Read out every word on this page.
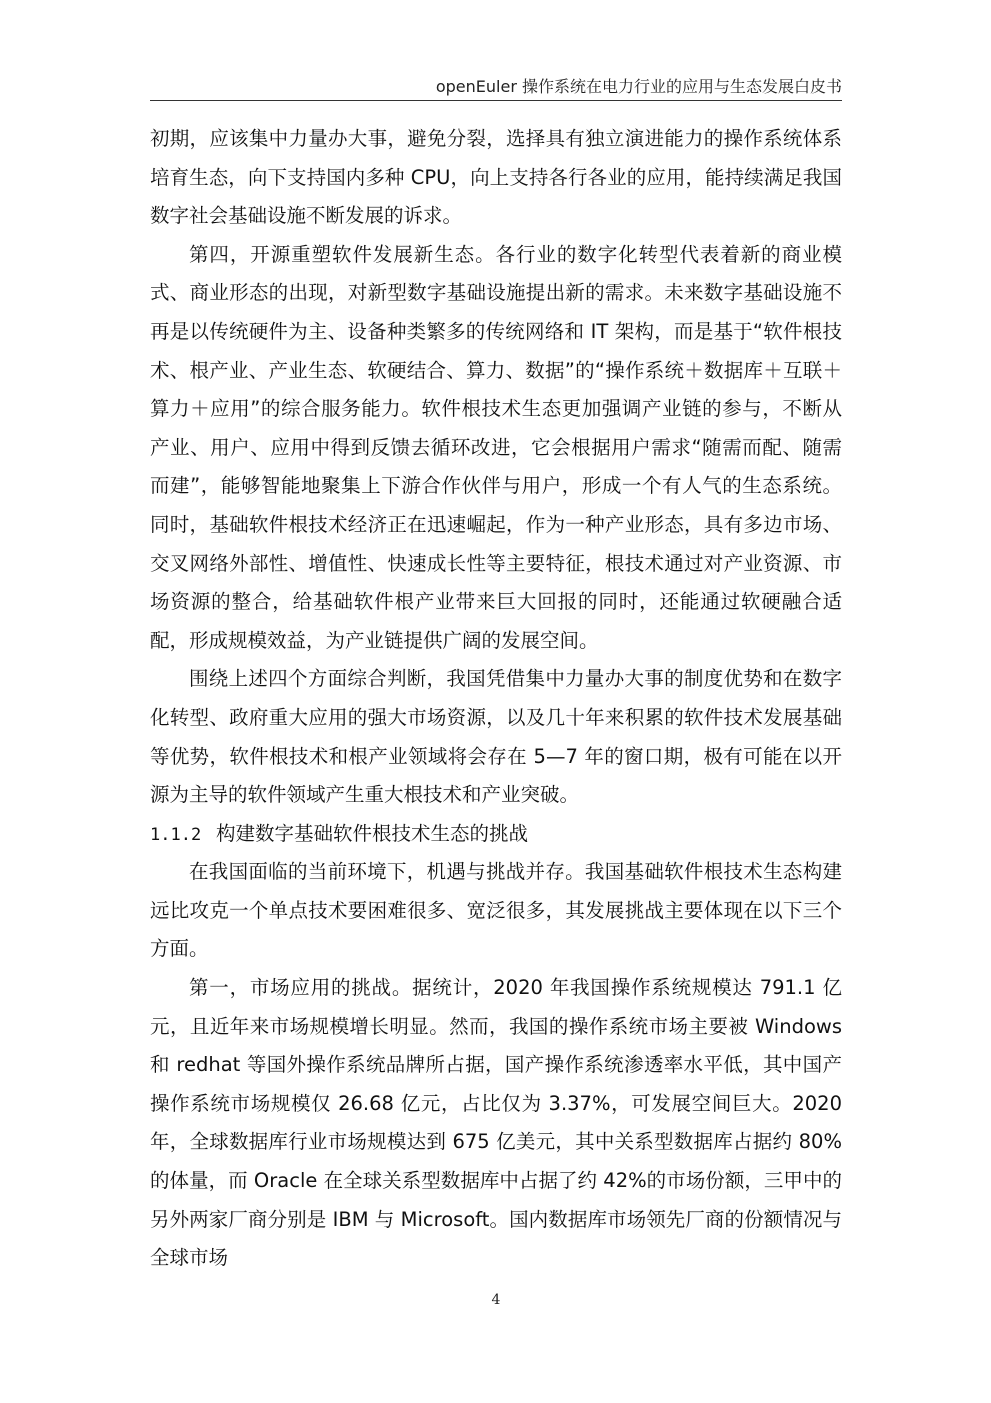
openEuler 操作系统在电力行业的应用与生态发展白皮书

初期，应该集中力量办大事，避免分裂，选择具有独立演进能力的操作系统体系培育生态，向下支持国内多种 CPU，向上支持各行各业的应用，能持续满足我国数字社会基础设施不断发展的诉求。

第四，开源重塑软件发展新生态。各行业的数字化转型代表着新的商业模式、商业形态的出现，对新型数字基础设施提出新的需求。未来数字基础设施不再是以传统硬件为主、设备种类繁多的传统网络和 IT 架构，而是基于“软件根技术、根产业、产业生态、软硬结合、算力、数据”的“操作系统＋数据库＋互联＋算力＋应用”的综合服务能力。软件根技术生态更加强调产业链的参与，不断从产业、用户、应用中得到反馈去循环改进，它会根据用户需求“随需而配、随需而建”，能够智能地聚集上下游合作伙伴与用户，形成一个有人气的生态系统。同时，基础软件根技术经济正在迅速崛起，作为一种产业形态，具有多边市场、交叉网络外部性、增值性、快速成长性等主要特征，根技术通过对产业资源、市场资源的整合，给基础软件根产业带来巨大回报的同时，还能通过软硬融合适配，形成规模效益，为产业链提供广阔的发展空间。

围绕上述四个方面综合判断，我国凭借集中力量办大事的制度优势和在数字化转型、政府重大应用的强大市场资源，以及几十年来积累的软件技术发展基础等优势，软件根技术和根产业领域将会存在 5—7 年的窗口期，极有可能在以开源为主导的软件领域产生重大根技术和产业突破。

1.1.2 构建数字基础软件根技术生态的挑战

在我国面临的当前环境下，机遇与挑战并存。我国基础软件根技术生态构建远比攻克一个单点技术要困难很多、宽泛很多，其发展挑战主要体现在以下三个方面。

第一，市场应用的挑战。据统计，2020 年我国操作系统规模达 791.1 亿元，且近年来市场规模增长明显。然而，我国的操作系统市场主要被 Windows 和 redhat 等国外操作系统品牌所占据，国产操作系统渗透率水平低，其中国产操作系统市场规模仅 26.68 亿元，占比仅为 3.37%，可发展空间巨大。2020 年，全球数据库行业市场规模达到 675 亿美元，其中关系型数据库占据约 80%的体量，而 Oracle 在全球关系型数据库中占据了约 42%的市场份额，三甲中的另外两家厂商分别是 IBM 与 Microsoft。国内数据库市场领先厂商的份额情况与全球市场

4
